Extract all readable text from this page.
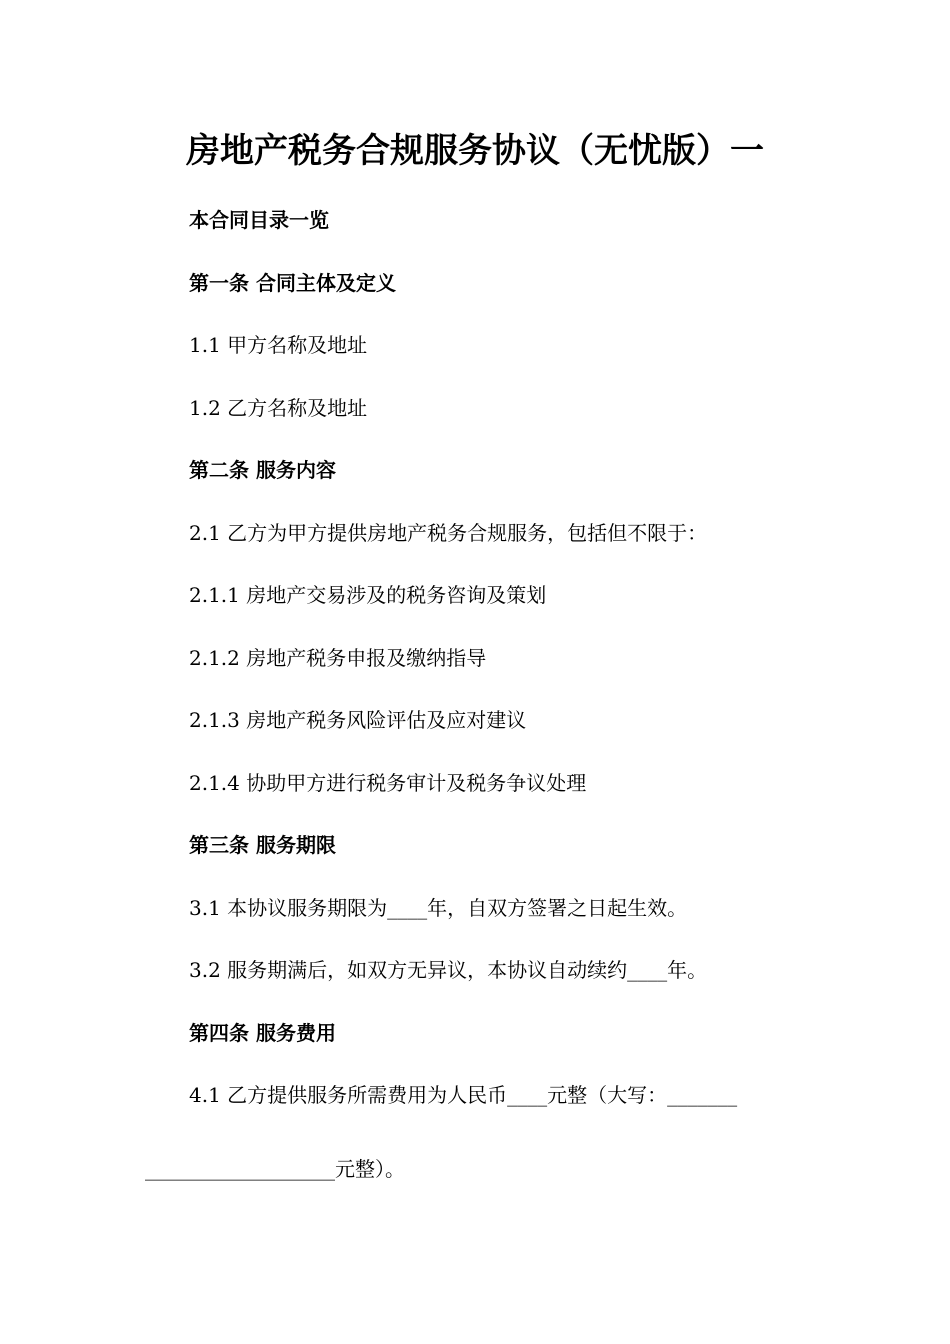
房地产税务合规服务协议（无忧版）一

本合同目录一览

第一条 合同主体及定义

1.1 甲方名称及地址

1.2 乙方名称及地址

第二条 服务内容

2.1 乙方为甲方提供房地产税务合规服务，包括但不限于：

2.1.1 房地产交易涉及的税务咨询及策划

2.1.2 房地产税务申报及缴纳指导

2.1.3 房地产税务风险评估及应对建议

2.1.4 协助甲方进行税务审计及税务争议处理

第三条 服务期限

3.1 本协议服务期限为____年，自双方签署之日起生效。

3.2 服务期满后，如双方无异议，本协议自动续约____年。

第四条 服务费用

4.1 乙方提供服务所需费用为人民币____元整（大写：_______

___________________元整）。
